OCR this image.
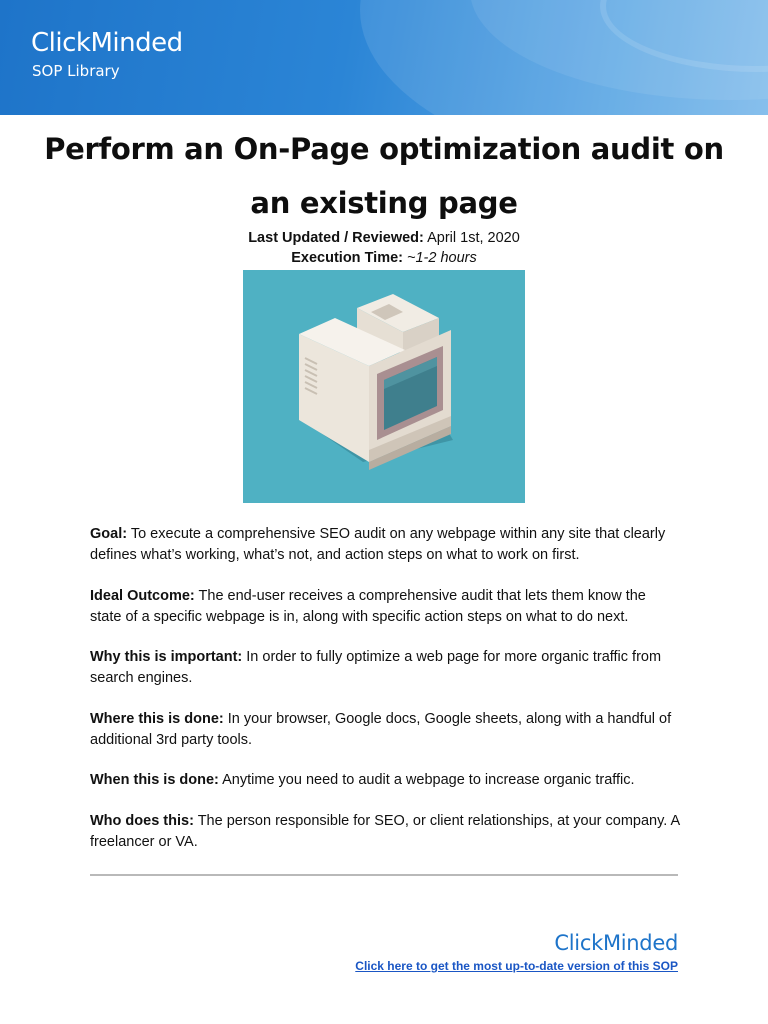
ClickMinded
SOP Library
Perform an On-Page optimization audit on an existing page
Last Updated / Reviewed: April 1st, 2020
Execution Time: ~1-2 hours
Goal: To execute a comprehensive SEO audit on any webpage within any site that clearly defines what’s working, what’s not, and action steps on what to work on first.
Ideal Outcome: The end-user receives a comprehensive audit that lets them know the state of a specific webpage is in, along with specific action steps on what to do next.
Why this is important: In order to fully optimize a web page for more organic traffic from search engines.
Where this is done: In your browser, Google docs, Google sheets, along with a handful of additional 3rd party tools.
When this is done: Anytime you need to audit a webpage to increase organic traffic.
Who does this: The person responsible for SEO, or client relationships, at your company. A freelancer or VA.
ClickMinded
Click here to get the most up-to-date version of this SOP
